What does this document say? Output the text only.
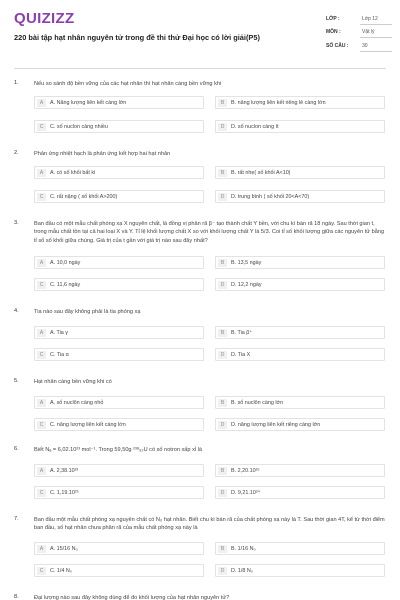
QUIZIZZ
220 bài tập hạt nhân nguyên tử trong đề thi thử Đại học có lời giải(P5)
LỚP :	Lớp 12
MÔN :	Vật lý
SỐ CÂU :	30
1.	Nếu so sánh độ bền vững của các hạt nhân thì hạt nhân càng bền vững khi
A	A. Năng lượng liên kết càng lớn	B	B. năng lượng liên kết riêng lẻ càng lớn
C	C. số nuclon càng nhiều	D	D. số nuclon càng ít
2.	Phản ứng nhiệt hạch là phản ứng kết hợp hai hạt nhân
A	A. có số khối bất kì	B	B. rất nhẹ( số khối A<10)
C	C. rất nặng ( số khối A>200)	D	D. trung bình ( số khối 20<A<70)
3.	Ban đầu có một mẫu chất phóng xạ X nguyên chất, là đồng vị phân rã β⁻ tạo thành chất Y bền, với chu kì bán rã 18 ngày. Sau thời gian t, trong mẫu chất tồn tại cả hai loại X và Y. Tỉ lệ khối lượng chất X so với khối lượng chất Y là 5/3. Coi tỉ số khối lượng giữa các nguyên tử bằng tỉ số số khối giữa chúng. Giá trị của t gần với giá trị nào sau đây nhất?
A	A. 10,0 ngày	B	B. 13,5 ngày
C	C. 11,6 ngày	D	D. 12,2 ngày
4.	Tia nào sau đây không phải là tia phóng xạ
A	A. Tia γ	B	B. Tia β⁺
C	C. Tia α	D	D. Tia X
5.	Hạt nhân càng bền vững khi có
A	A. số nuclôn càng nhỏ	B	B. số nuclôn càng lớn
C	C. năng lượng liên kết càng lớn	D	D. năng lượng liên kết riêng càng lớn
6.	Biết Nₐ = 6,02.10²³ mol⁻¹. Trong 59,50g ²³⁸₉₂U có số notron xấp xỉ là
A	A. 2,38.10²³	B	B. 2,20.10²⁵
C	C. 1,19.10²⁵	D	D. 9,21.10²⁴
7.	Ban đầu một mẫu chất phóng xạ nguyên chất có N₀ hạt nhân. Biết chu kì bán rã của chất phóng xạ này là T. Sau thời gian 4T, kể từ thời điểm ban đầu, số hạt nhân chưa phân rã của mẫu chất phóng xạ này là
A	A. 15/16 N₀	B	B. 1/16 N₀
C	C. 1/4 N₀	D	D. 1/8 N₀
8.	Đại lượng nào sau đây không dùng để đo khối lượng của hạt nhân nguyên tử?
